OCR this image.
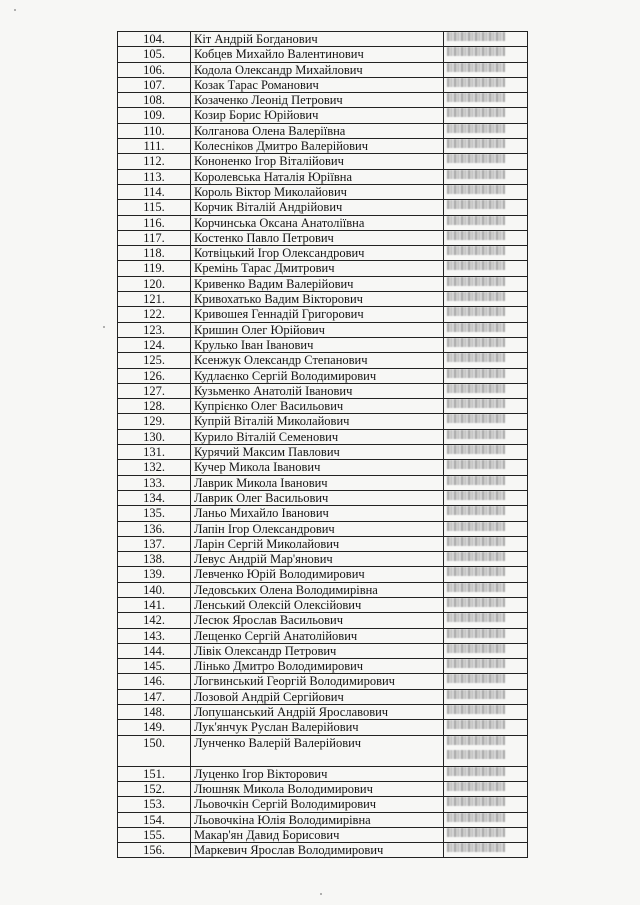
104.	Кіт Андрій Богданович	

105.	Кобцев Михайло Валентинович	

106.	Кодола Олександр Михайлович	

107.	Козак Тарас Романович	

108.	Козаченко Леонід Петрович	

109.	Козир Борис Юрійович	

110.	Колганова Олена Валеріївна	

111.	Колесніков Дмитро Валерійович	

112.	Кононенко Ігор Віталійович	

113.	Королевська Наталія Юріївна	

114.	Король Віктор Миколайович	

115.	Корчик Віталій Андрійович	

116.	Корчинська Оксана Анатоліївна	

117.	Костенко Павло Петрович	

118.	Котвіцький Ігор Олександрович	

119.	Кремінь Тарас Дмитрович	

120.	Кривенко Вадим Валерійович	

121.	Кривохатько Вадим Вікторович	

122.	Кривошея Геннадій Григорович	

123.	Кришин Олег Юрійович	

124.	Крулько Іван Іванович	

125.	Ксенжук Олександр Степанович	

126.	Кудлаєнко Сергій Володимирович	

127.	Кузьменко Анатолій Іванович	

128.	Купрієнко Олег Васильович	

129.	Купрій Віталій Миколайович	

130.	Курило Віталій Семенович	

131.	Курячий Максим Павлович	

132.	Кучер Микола Іванович	

133.	Лаврик Микола Іванович	

134.	Лаврик Олег Васильович	

135.	Ланьо Михайло Іванович	

136.	Лапін Ігор Олександрович	

137.	Ларін Сергій Миколайович	

138.	Левус Андрій Мар'янович	

139.	Левченко Юрій Володимирович	

140.	Ледовських Олена Володимирівна	

141.	Ленський Олексій Олексійович	

142.	Лесюк Ярослав Васильович	

143.	Лещенко Сергій Анатолійович	

144.	Лівік Олександр Петрович	

145.	Лінько Дмитро Володимирович	

146.	Логвинський Георгій Володимирович	

147.	Лозовой Андрій Сергійович	

148.	Лопушанський Андрій Ярославович	

149.	Лук'янчук Руслан Валерійович	

150.	Лунченко Валерій Валерійович	

151.	Луценко Ігор Вікторович	

152.	Люшняк Микола Володимирович	

153.	Льовочкін Сергій Володимирович	

154.	Льовочкіна Юлія Володимирівна	

155.	Макар'ян Давид Борисович	

156.	Маркевич Ярослав Володимирович	
